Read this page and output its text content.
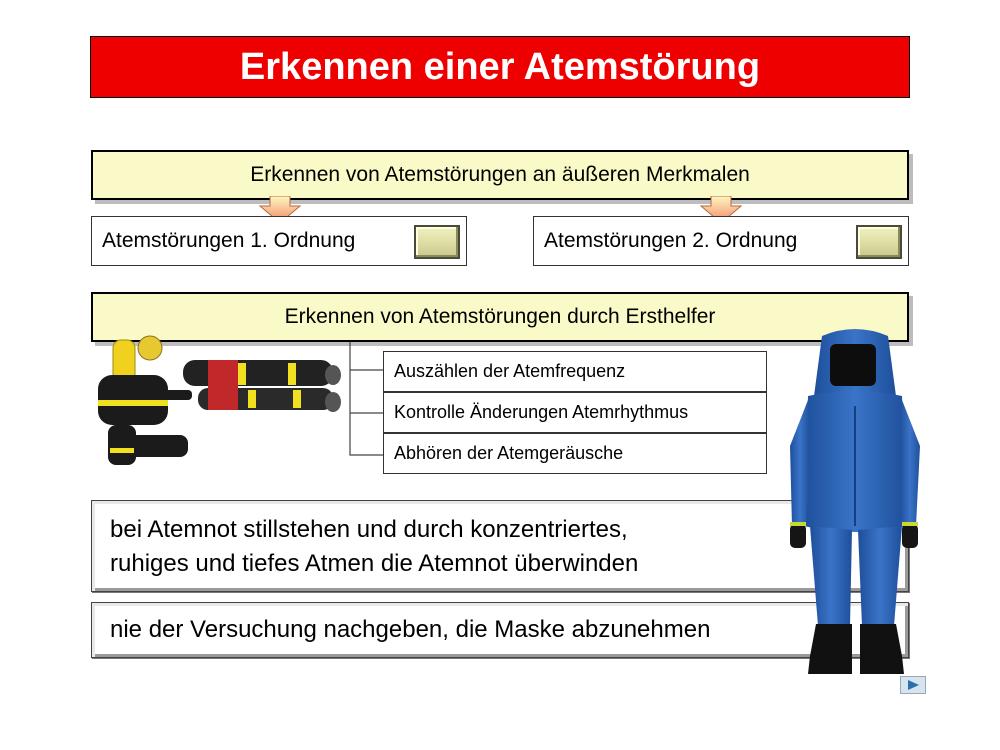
Erkennen einer Atemstörung
Erkennen von Atemstörungen an äußeren Merkmalen
Atemstörungen 1. Ordnung	Atemstörungen 2. Ordnung
Erkennen von Atemstörungen durch Ersthelfer
Auszählen der Atemfrequenz
Kontrolle Änderungen Atemrhythmus
Abhören der Atemgeräusche
bei Atemnot stillstehen und durch konzentriertes,
ruhiges und tiefes Atmen die Atemnot überwinden
nie der Versuchung nachgeben, die Maske abzunehmen
